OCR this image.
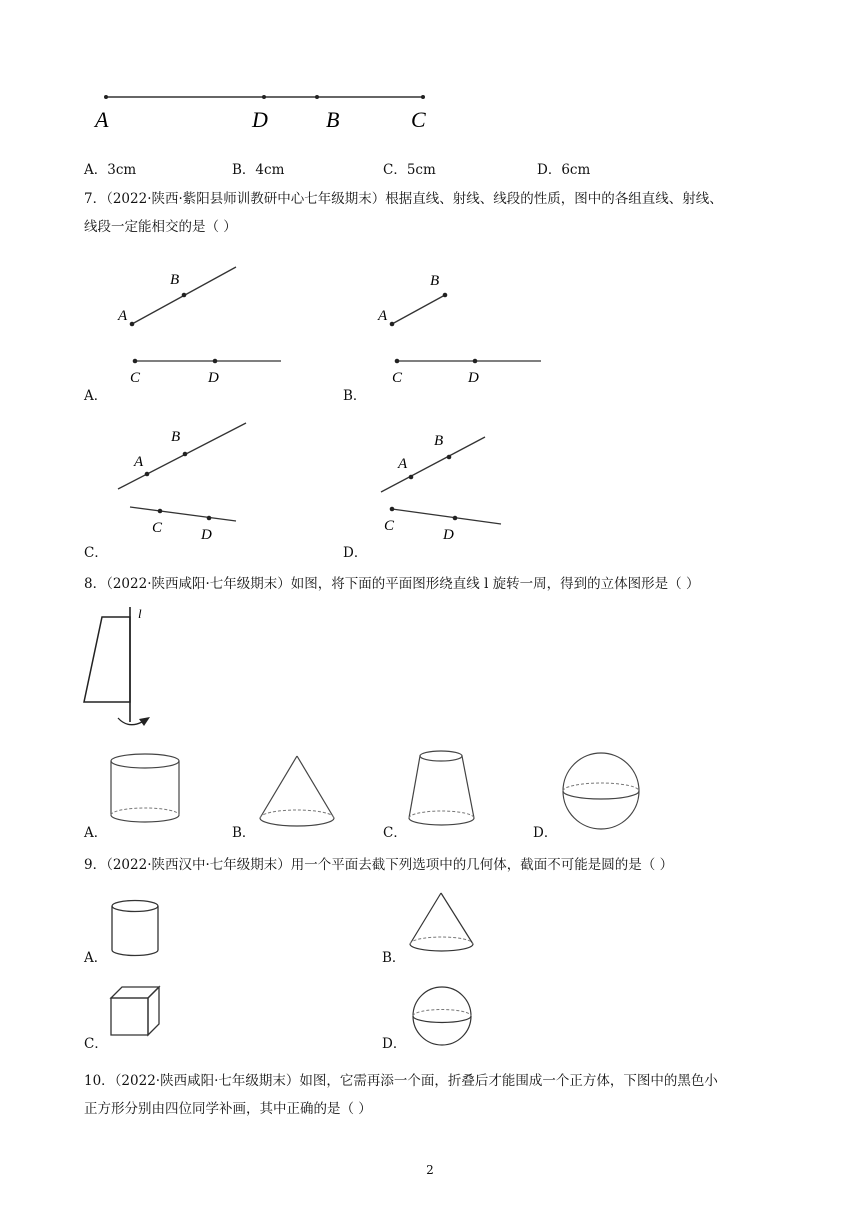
A	D	B	C
A．3cm	B．4cm	C．5cm	D．6cm
7．（2022·陕西·紫阳县师训教研中心七年级期末）根据直线、射线、线段的性质，图中的各组直线、射线、
线段一定能相交的是（ ）
A
B
C	D
A．
A
B
C	D
B．
A
B
C	D
C．
A
B
C
D
D．
8．（2022·陕西咸阳·七年级期末）如图，将下面的平面图形绕直线 l 旋转一周，得到的立体图形是（ ）
l
A．	B．	C．	D．
9．（2022·陕西汉中·七年级期末）用一个平面去截下列选项中的几何体，截面不可能是圆的是（ ）
A．	B．
C．	D．
10．（2022·陕西咸阳·七年级期末）如图，它需再添一个面，折叠后才能围成一个正方体，下图中的黑色小
正方形分别由四位同学补画，其中正确的是（ ）
2
